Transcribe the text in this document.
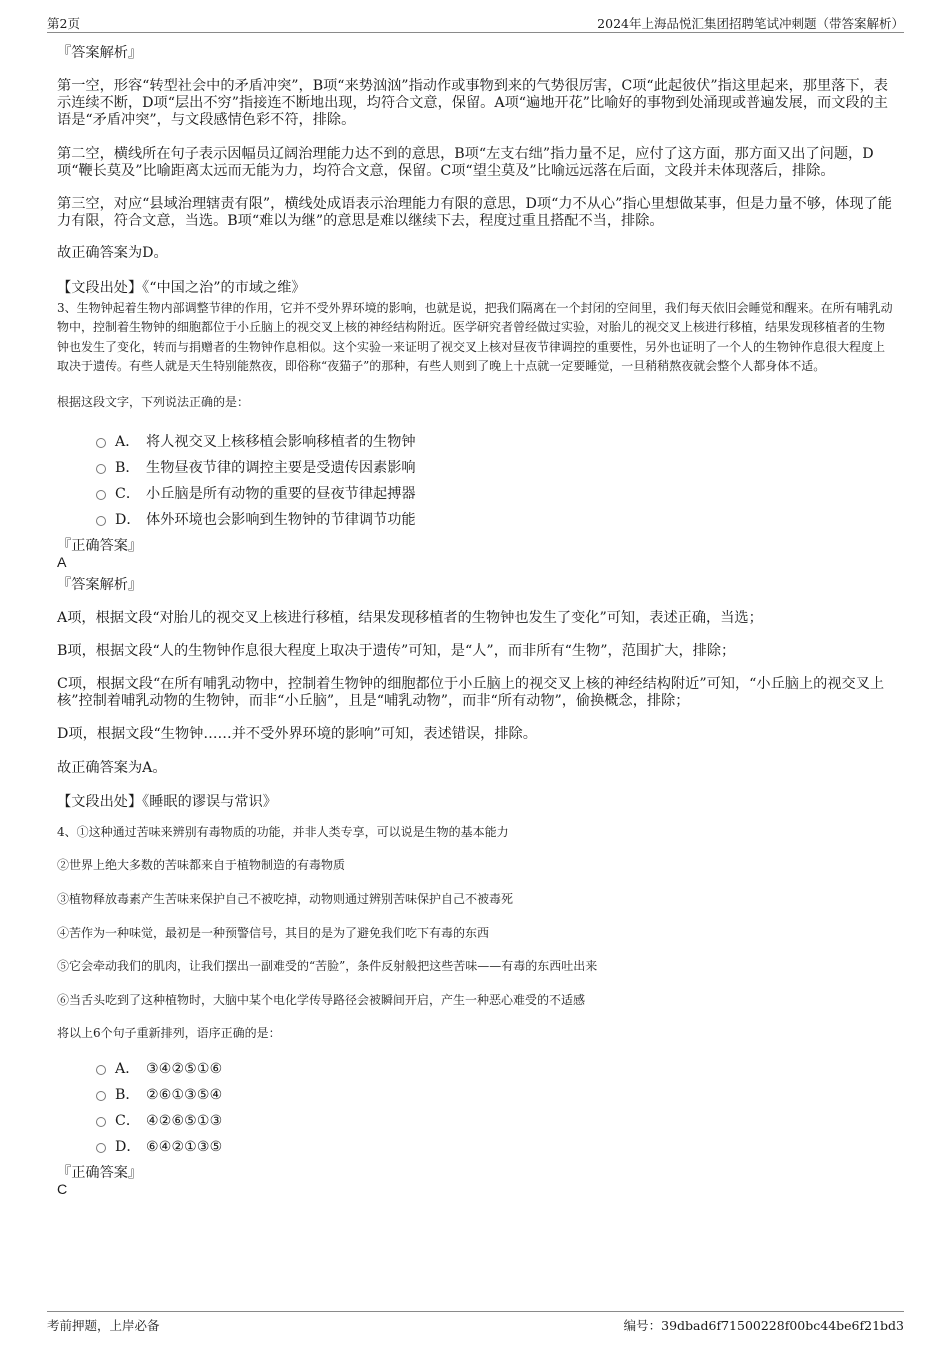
第2页	2024年上海品悦汇集团招聘笔试冲刺题（带答案解析）
『答案解析』

第一空，形容“转型社会中的矛盾冲突”，B项“来势汹汹”指动作或事物到来的气势很厉害，C项“此起彼伏”指这里起来，那里落下，表示连续不断，D项“层出不穷”指接连不断地出现，均符合文意，保留。A项“遍地开花”比喻好的事物到处涌现或普遍发展，而文段的主语是“矛盾冲突”，与文段感情色彩不符，排除。

第二空，横线所在句子表示因幅员辽阔治理能力达不到的意思，B项“左支右绌”指力量不足，应付了这方面，那方面又出了问题，D项“鞭长莫及”比喻距离太远而无能为力，均符合文意，保留。C项“望尘莫及”比喻远远落在后面，文段并未体现落后，排除。

第三空，对应“县域治理辖责有限”，横线处成语表示治理能力有限的意思，D项“力不从心”指心里想做某事，但是力量不够，体现了能力有限，符合文意，当选。B项“难以为继”的意思是难以继续下去，程度过重且搭配不当，排除。

故正确答案为D。

【文段出处】《“中国之治”的市域之维》

3、生物钟起着生物内部调整节律的作用，它并不受外界环境的影响，也就是说，把我们隔离在一个封闭的空间里，我们每天依旧会睡觉和醒来。在所有哺乳动物中，控制着生物钟的细胞都位于小丘脑上的视交叉上核的神经结构附近。医学研究者曾经做过实验，对胎儿的视交叉上核进行移植，结果发现移植者的生物钟也发生了变化，转而与捐赠者的生物钟作息相似。这个实验一来证明了视交叉上核对昼夜节律调控的重要性，另外也证明了一个人的生物钟作息很大程度上取决于遗传。有些人就是天生特别能熬夜，即俗称“夜猫子”的那种，有些人则到了晚上十点就一定要睡觉，一旦稍稍熬夜就会整个人都身体不适。

根据这段文字，下列说法正确的是：

A． 将人视交叉上核移植会影响移植者的生物钟
B． 生物昼夜节律的调控主要是受遗传因素影响
C． 小丘脑是所有动物的重要的昼夜节律起搏器
D． 体外环境也会影响到生物钟的节律调节功能
『正确答案』
A
『答案解析』

A项，根据文段“对胎儿的视交叉上核进行移植，结果发现移植者的生物钟也发生了变化”可知，表述正确，当选；

B项，根据文段“人的生物钟作息很大程度上取决于遗传”可知，是“人”，而非所有“生物”，范围扩大，排除；

C项，根据文段“在所有哺乳动物中，控制着生物钟的细胞都位于小丘脑上的视交叉上核的神经结构附近”可知，“小丘脑上的视交叉上核”控制着哺乳动物的生物钟，而非“小丘脑”，且是“哺乳动物”，而非“所有动物”，偷换概念，排除；

D项，根据文段“生物钟……并不受外界环境的影响”可知，表述错误，排除。

故正确答案为A。

【文段出处】《睡眠的谬误与常识》

4、①这种通过苦味来辨别有毒物质的功能，并非人类专享，可以说是生物的基本能力

②世界上绝大多数的苦味都来自于植物制造的有毒物质

③植物释放毒素产生苦味来保护自己不被吃掉，动物则通过辨别苦味保护自己不被毒死

④苦作为一种味觉，最初是一种预警信号，其目的是为了避免我们吃下有毒的东西

⑤它会牵动我们的肌肉，让我们摆出一副难受的“苦脸”，条件反射般把这些苦味——有毒的东西吐出来

⑥当舌头吃到了这种植物时，大脑中某个电化学传导路径会被瞬间开启，产生一种恶心难受的不适感

将以上6个句子重新排列，语序正确的是：

A． ③④②⑤①⑥
B． ②⑥①③⑤④
C． ④②⑥⑤①③
D． ⑥④②①③⑤
『正确答案』
C
考前押题，上岸必备	编号：39dbad6f71500228f00bc44be6f21bd3
